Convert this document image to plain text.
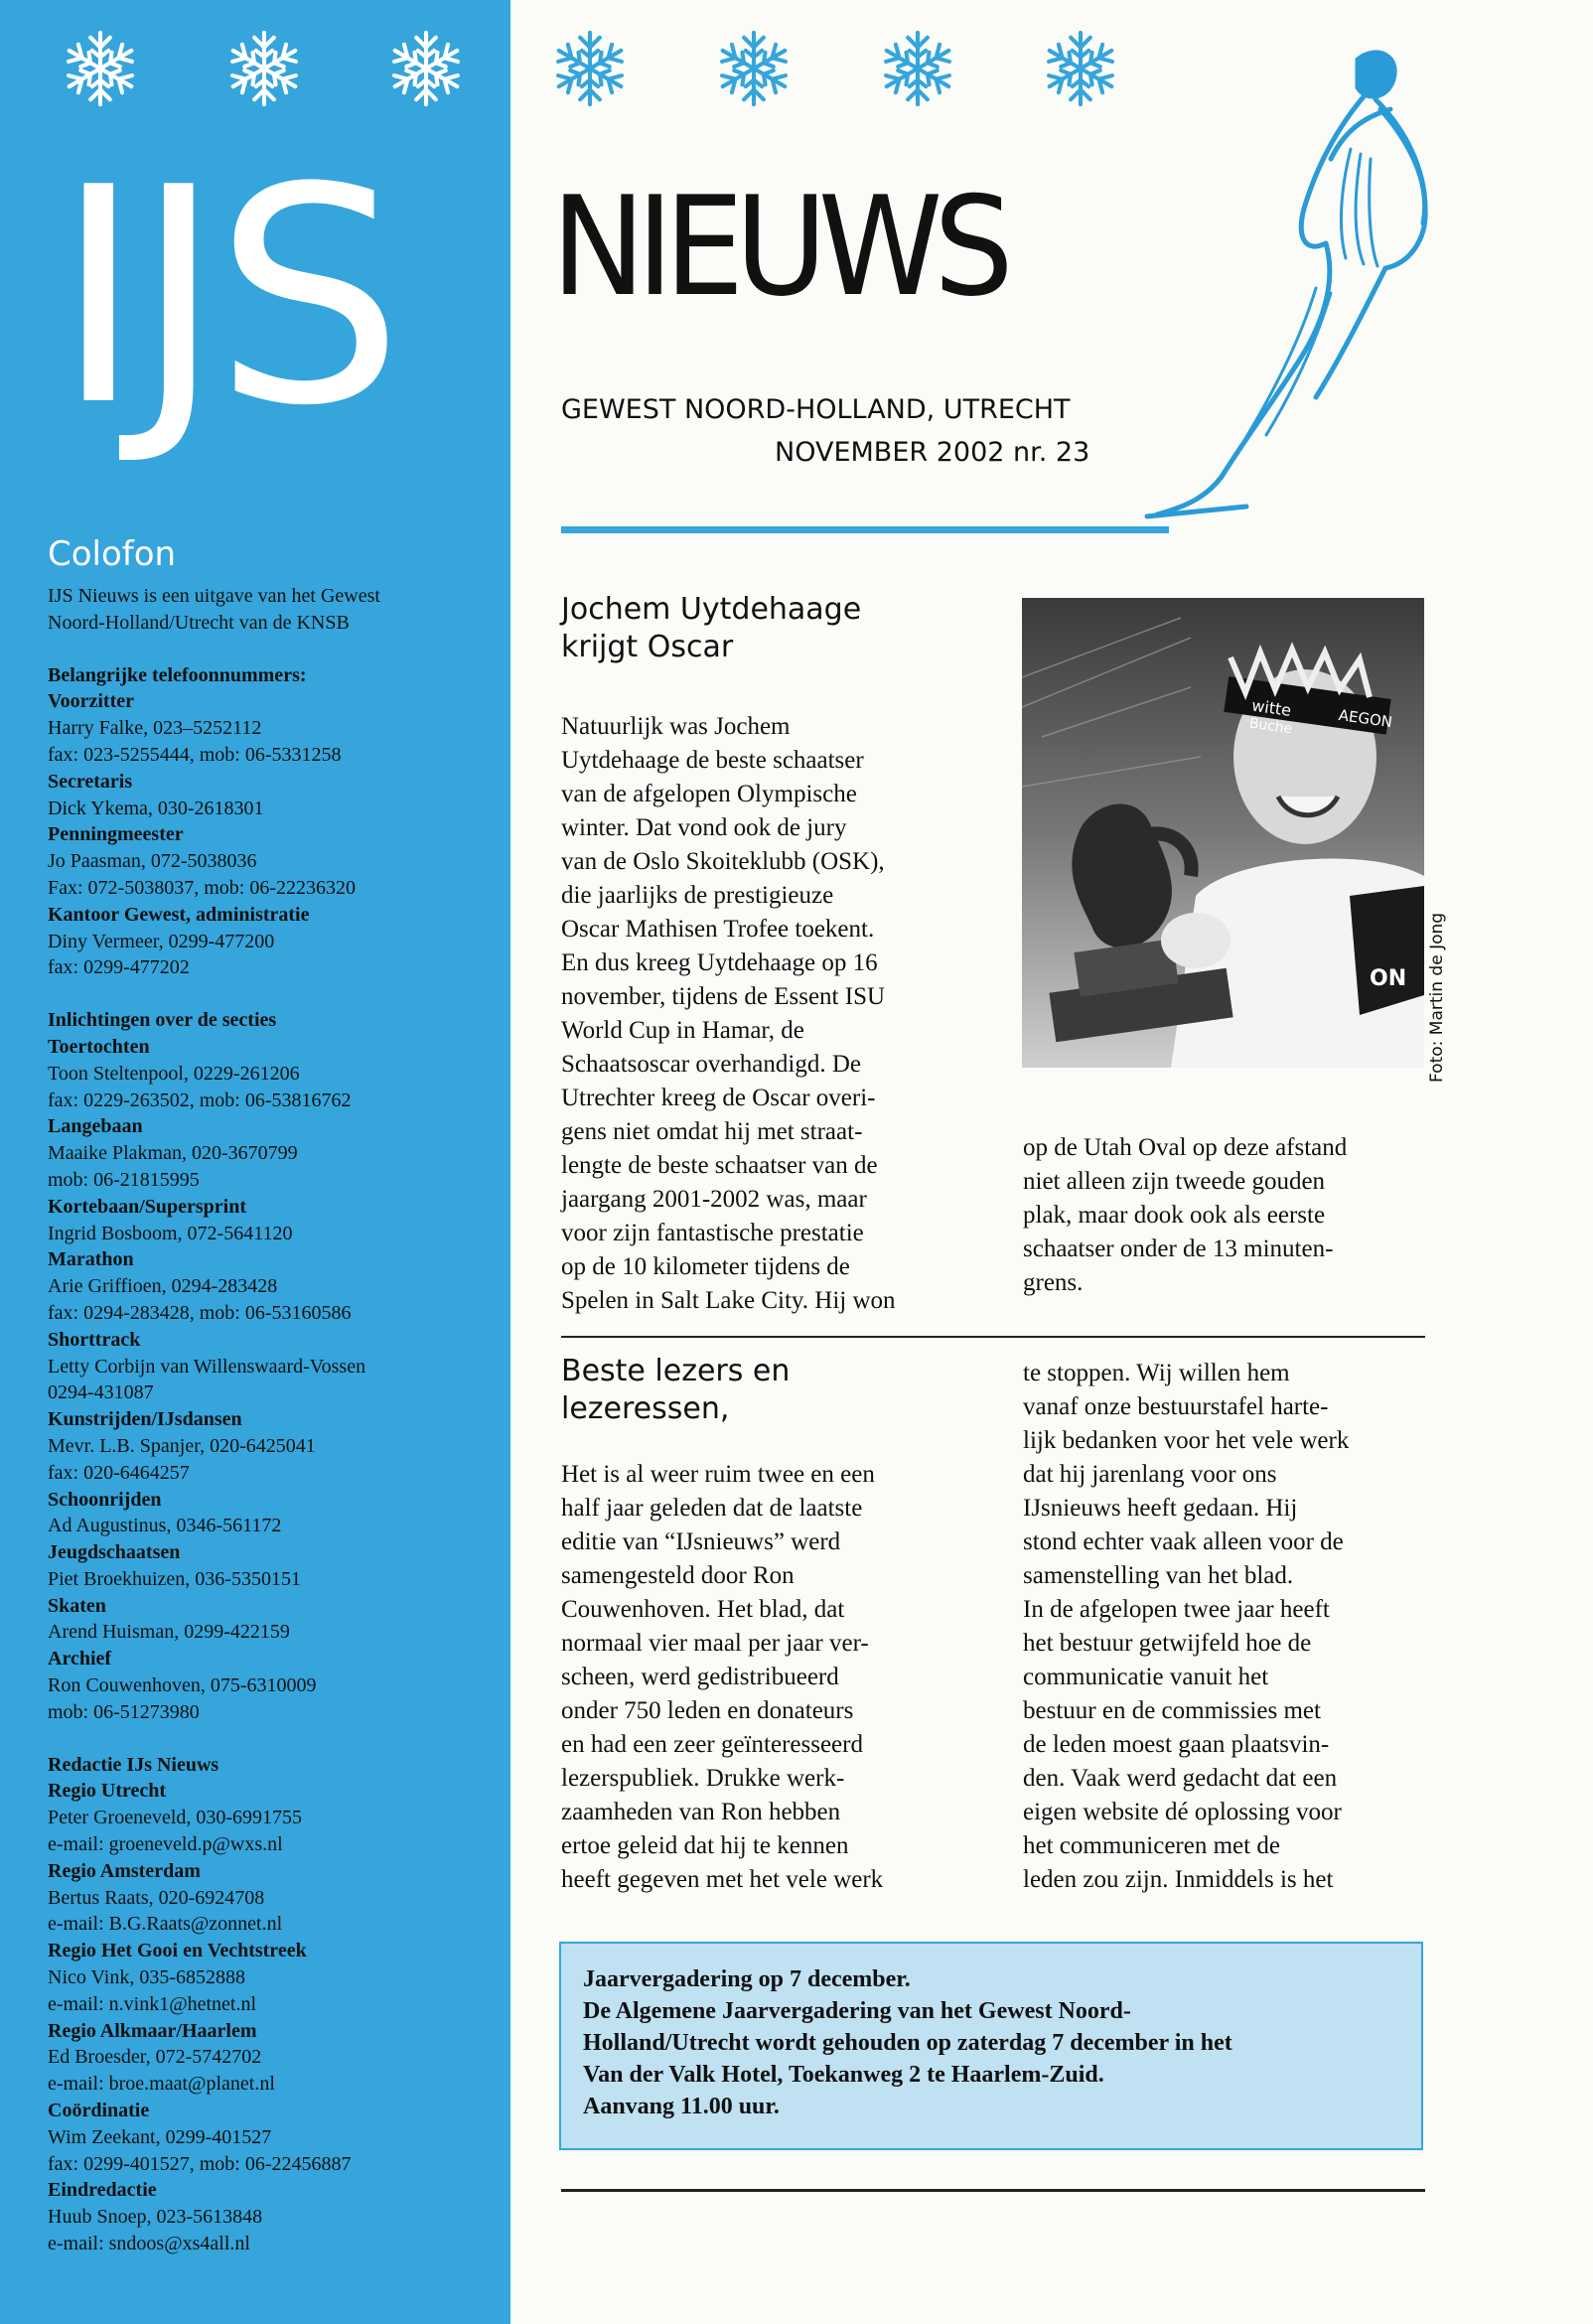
IJS NIEUWS
GEWEST NOORD-HOLLAND, UTRECHT
NOVEMBER 2002 nr. 23
Colofon
IJS Nieuws is een uitgave van het Gewest
Noord-Holland/Utrecht van de KNSB
Belangrijke telefoonnummers:
Voorzitter
Harry Falke, 023–5252112
fax: 023-5255444, mob: 06-5331258
Secretaris
Dick Ykema, 030-2618301
Penningmeester
Jo Paasman, 072-5038036
Fax: 072-5038037, mob: 06-22236320
Kantoor Gewest, administratie
Diny Vermeer, 0299-477200
fax: 0299-477202
Inlichtingen over de secties
Toertochten
Toon Steltenpool, 0229-261206
fax: 0229-263502, mob: 06-53816762
Langebaan
Maaike Plakman, 020-3670799
mob: 06-21815995
Kortebaan/Supersprint
Ingrid Bosboom, 072-5641120
Marathon
Arie Griffioen, 0294-283428
fax: 0294-283428, mob: 06-53160586
Shorttrack
Letty Corbijn van Willenswaard-Vossen
0294-431087
Kunstrijden/IJsdansen
Mevr. L.B. Spanjer, 020-6425041
fax: 020-6464257
Schoonrijden
Ad Augustinus, 0346-561172
Jeugdschaatsen
Piet Broekhuizen, 036-5350151
Skaten
Arend Huisman, 0299-422159
Archief
Ron Couwenhoven, 075-6310009
mob: 06-51273980
Redactie IJs Nieuws
Regio Utrecht
Peter Groeneveld, 030-6991755
e-mail: groeneveld.p@wxs.nl
Regio Amsterdam
Bertus Raats, 020-6924708
e-mail: B.G.Raats@zonnet.nl
Regio Het Gooi en Vechtstreek
Nico Vink, 035-6852888
e-mail: n.vink1@hetnet.nl
Regio Alkmaar/Haarlem
Ed Broesder, 072-5742702
e-mail: broe.maat@planet.nl
Coördinatie
Wim Zeekant, 0299-401527
fax: 0299-401527, mob: 06-22456887
Eindredactie
Huub Snoep, 023-5613848
e-mail: sndoos@xs4all.nl
Jochem Uytdehaage
krijgt Oscar
Natuurlijk was Jochem
Uytdehaage de beste schaatser
van de afgelopen Olympische
winter. Dat vond ook de jury
van de Oslo Skoiteklubb (OSK),
die jaarlijks de prestigieuze
Oscar Mathisen Trofee toekent.
En dus kreeg Uytdehaage op 16
november, tijdens de Essent ISU
World Cup in Hamar, de
Schaatsoscar overhandigd. De
Utrechter kreeg de Oscar overi-
gens niet omdat hij met straat-
lengte de beste schaatser van de
jaargang 2001-2002 was, maar
voor zijn fantastische prestatie
op de 10 kilometer tijdens de
Spelen in Salt Lake City. Hij won
witte	AEGON
Buche
ON Foto: Martin de Jong
op de Utah Oval op deze afstand
niet alleen zijn tweede gouden
plak, maar dook ook als eerste
schaatser onder de 13 minuten-
grens.
Beste lezers en
lezeressen,
Het is al weer ruim twee en een
half jaar geleden dat de laatste
editie van “IJsnieuws” werd
samengesteld door Ron
Couwenhoven. Het blad, dat
normaal vier maal per jaar ver-
scheen, werd gedistribueerd
onder 750 leden en donateurs
en had een zeer geïnteresseerd
lezerspubliek. Drukke werk-
zaamheden van Ron hebben
ertoe geleid dat hij te kennen
heeft gegeven met het vele werk
te stoppen. Wij willen hem
vanaf onze bestuurstafel harte-
lijk bedanken voor het vele werk
dat hij jarenlang voor ons
IJsnieuws heeft gedaan. Hij
stond echter vaak alleen voor de
samenstelling van het blad.
In de afgelopen twee jaar heeft
het bestuur getwijfeld hoe de
communicatie vanuit het
bestuur en de commissies met
de leden moest gaan plaatsvin-
den. Vaak werd gedacht dat een
eigen website dé oplossing voor
het communiceren met de
leden zou zijn. Inmiddels is het
Jaarvergadering op 7 december.
De Algemene Jaarvergadering van het Gewest Noord-
Holland/Utrecht wordt gehouden op zaterdag 7 december in het
Van der Valk Hotel, Toekanweg 2 te Haarlem-Zuid.
Aanvang 11.00 uur.
